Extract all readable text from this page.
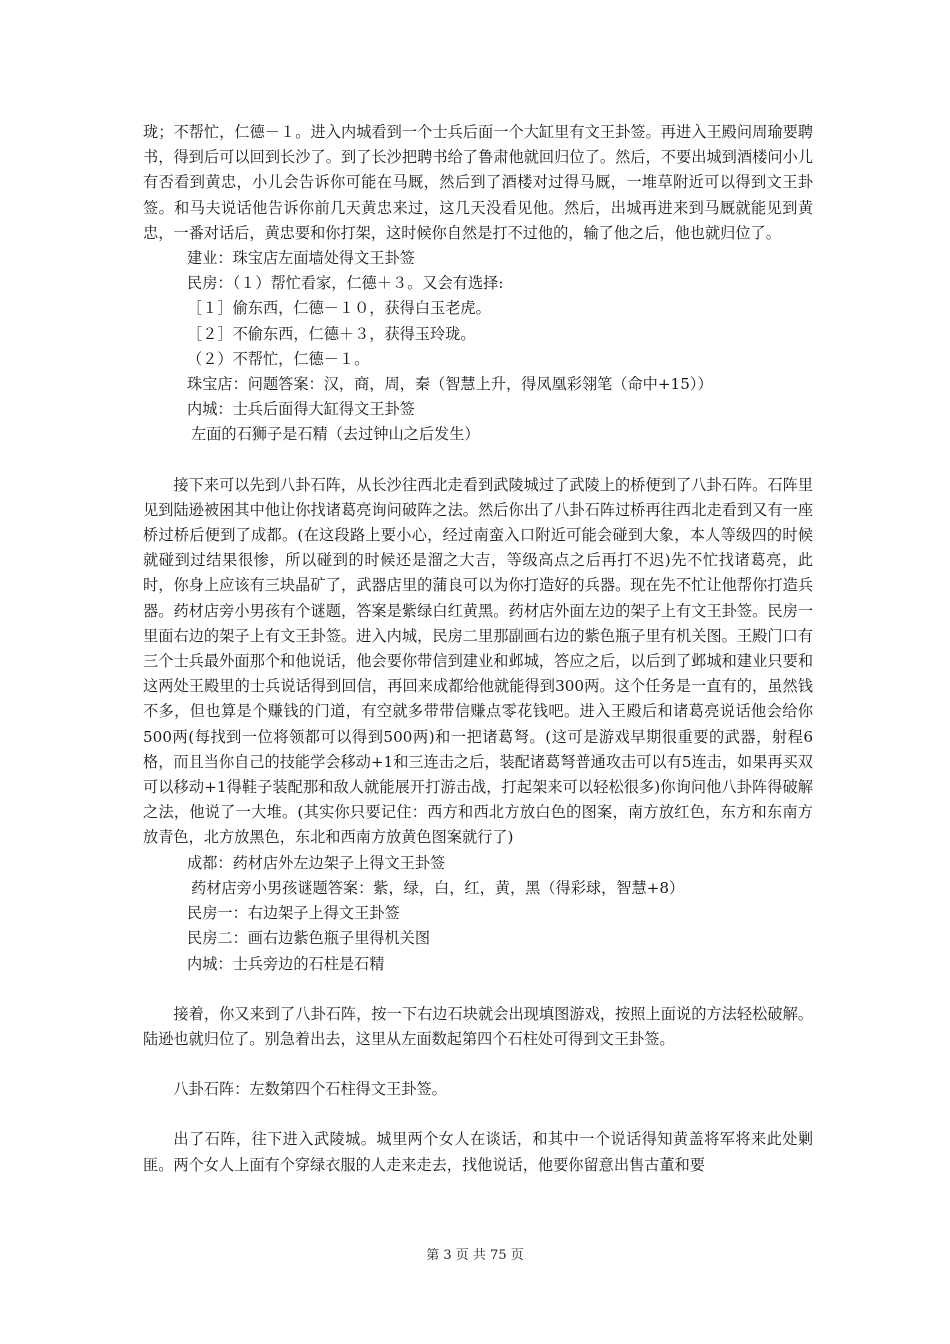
珑；不帮忙，仁德－１。进入内城看到一个士兵后面一个大缸里有文王卦签。再进入王殿问周瑜要聘书，得到后可以回到长沙了。到了长沙把聘书给了鲁肃他就回归位了。然后，不要出城到酒楼问小儿有否看到黄忠，小儿会告诉你可能在马厩，然后到了酒楼对过得马厩，一堆草附近可以得到文王卦签。和马夫说话他告诉你前几天黄忠来过，这几天没看见他。然后，出城再进来到马厩就能见到黄忠，一番对话后，黄忠要和你打架，这时候你自然是打不过他的，输了他之后，他也就归位了。

建业：珠宝店左面墙处得文王卦签

民房：（１）帮忙看家，仁德＋３。又会有选择:

［１］偷东西，仁德－１０，获得白玉老虎。

［２］不偷东西，仁德＋３，获得玉玲珑。

（２）不帮忙，仁德－１。

珠宝店：问题答案：汉，商，周，秦（智慧上升，得凤凰彩翎笔（命中+15））

内城：士兵后面得大缸得文王卦签

左面的石狮子是石精（去过钟山之后发生）

接下来可以先到八卦石阵，从长沙往西北走看到武陵城过了武陵上的桥便到了八卦石阵。石阵里见到陆逊被困其中他让你找诸葛亮询问破阵之法。然后你出了八卦石阵过桥再往西北走看到又有一座桥过桥后便到了成都。(在这段路上要小心，经过南蛮入口附近可能会碰到大象，本人等级四的时候就碰到过结果很惨，所以碰到的时候还是溜之大吉，等级高点之后再打不迟)先不忙找诸葛亮，此时，你身上应该有三块晶矿了，武器店里的蒲良可以为你打造好的兵器。现在先不忙让他帮你打造兵器。药材店旁小男孩有个谜题，答案是紫绿白红黄黑。药材店外面左边的架子上有文王卦签。民房一里面右边的架子上有文王卦签。进入内城，民房二里那副画右边的紫色瓶子里有机关图。王殿门口有三个士兵最外面那个和他说话，他会要你带信到建业和邺城，答应之后，以后到了邺城和建业只要和这两处王殿里的士兵说话得到回信，再回来成都给他就能得到300两。这个任务是一直有的，虽然钱不多，但也算是个赚钱的门道，有空就多带带信赚点零花钱吧。进入王殿后和诸葛亮说话他会给你 500两(每找到一位将领都可以得到500两)和一把诸葛弩。(这可是游戏早期很重要的武器，射程6格，而且当你自己的技能学会移动+1和三连击之后，装配诸葛弩普通攻击可以有5连击，如果再买双可以移动+1得鞋子装配那和敌人就能展开打游击战，打起架来可以轻松很多)你询问他八卦阵得破解之法，他说了一大堆。(其实你只要记住：西方和西北方放白色的图案，南方放红色，东方和东南方放青色，北方放黑色，东北和西南方放黄色图案就行了)

成都：药材店外左边架子上得文王卦签

药材店旁小男孩谜题答案：紫，绿，白，红，黄，黑（得彩球，智慧+8）

民房一：右边架子上得文王卦签

民房二：画右边紫色瓶子里得机关图

内城：士兵旁边的石柱是石精

接着，你又来到了八卦石阵，按一下右边石块就会出现填图游戏，按照上面说的方法轻松破解。陆逊也就归位了。别急着出去，这里从左面数起第四个石柱处可得到文王卦签。

八卦石阵：左数第四个石柱得文王卦签。

出了石阵，往下进入武陵城。城里两个女人在谈话，和其中一个说话得知黄盖将军将来此处剿匪。两个女人上面有个穿绿衣服的人走来走去，找他说话，他要你留意出售古董和要

第 3 页 共 75 页
